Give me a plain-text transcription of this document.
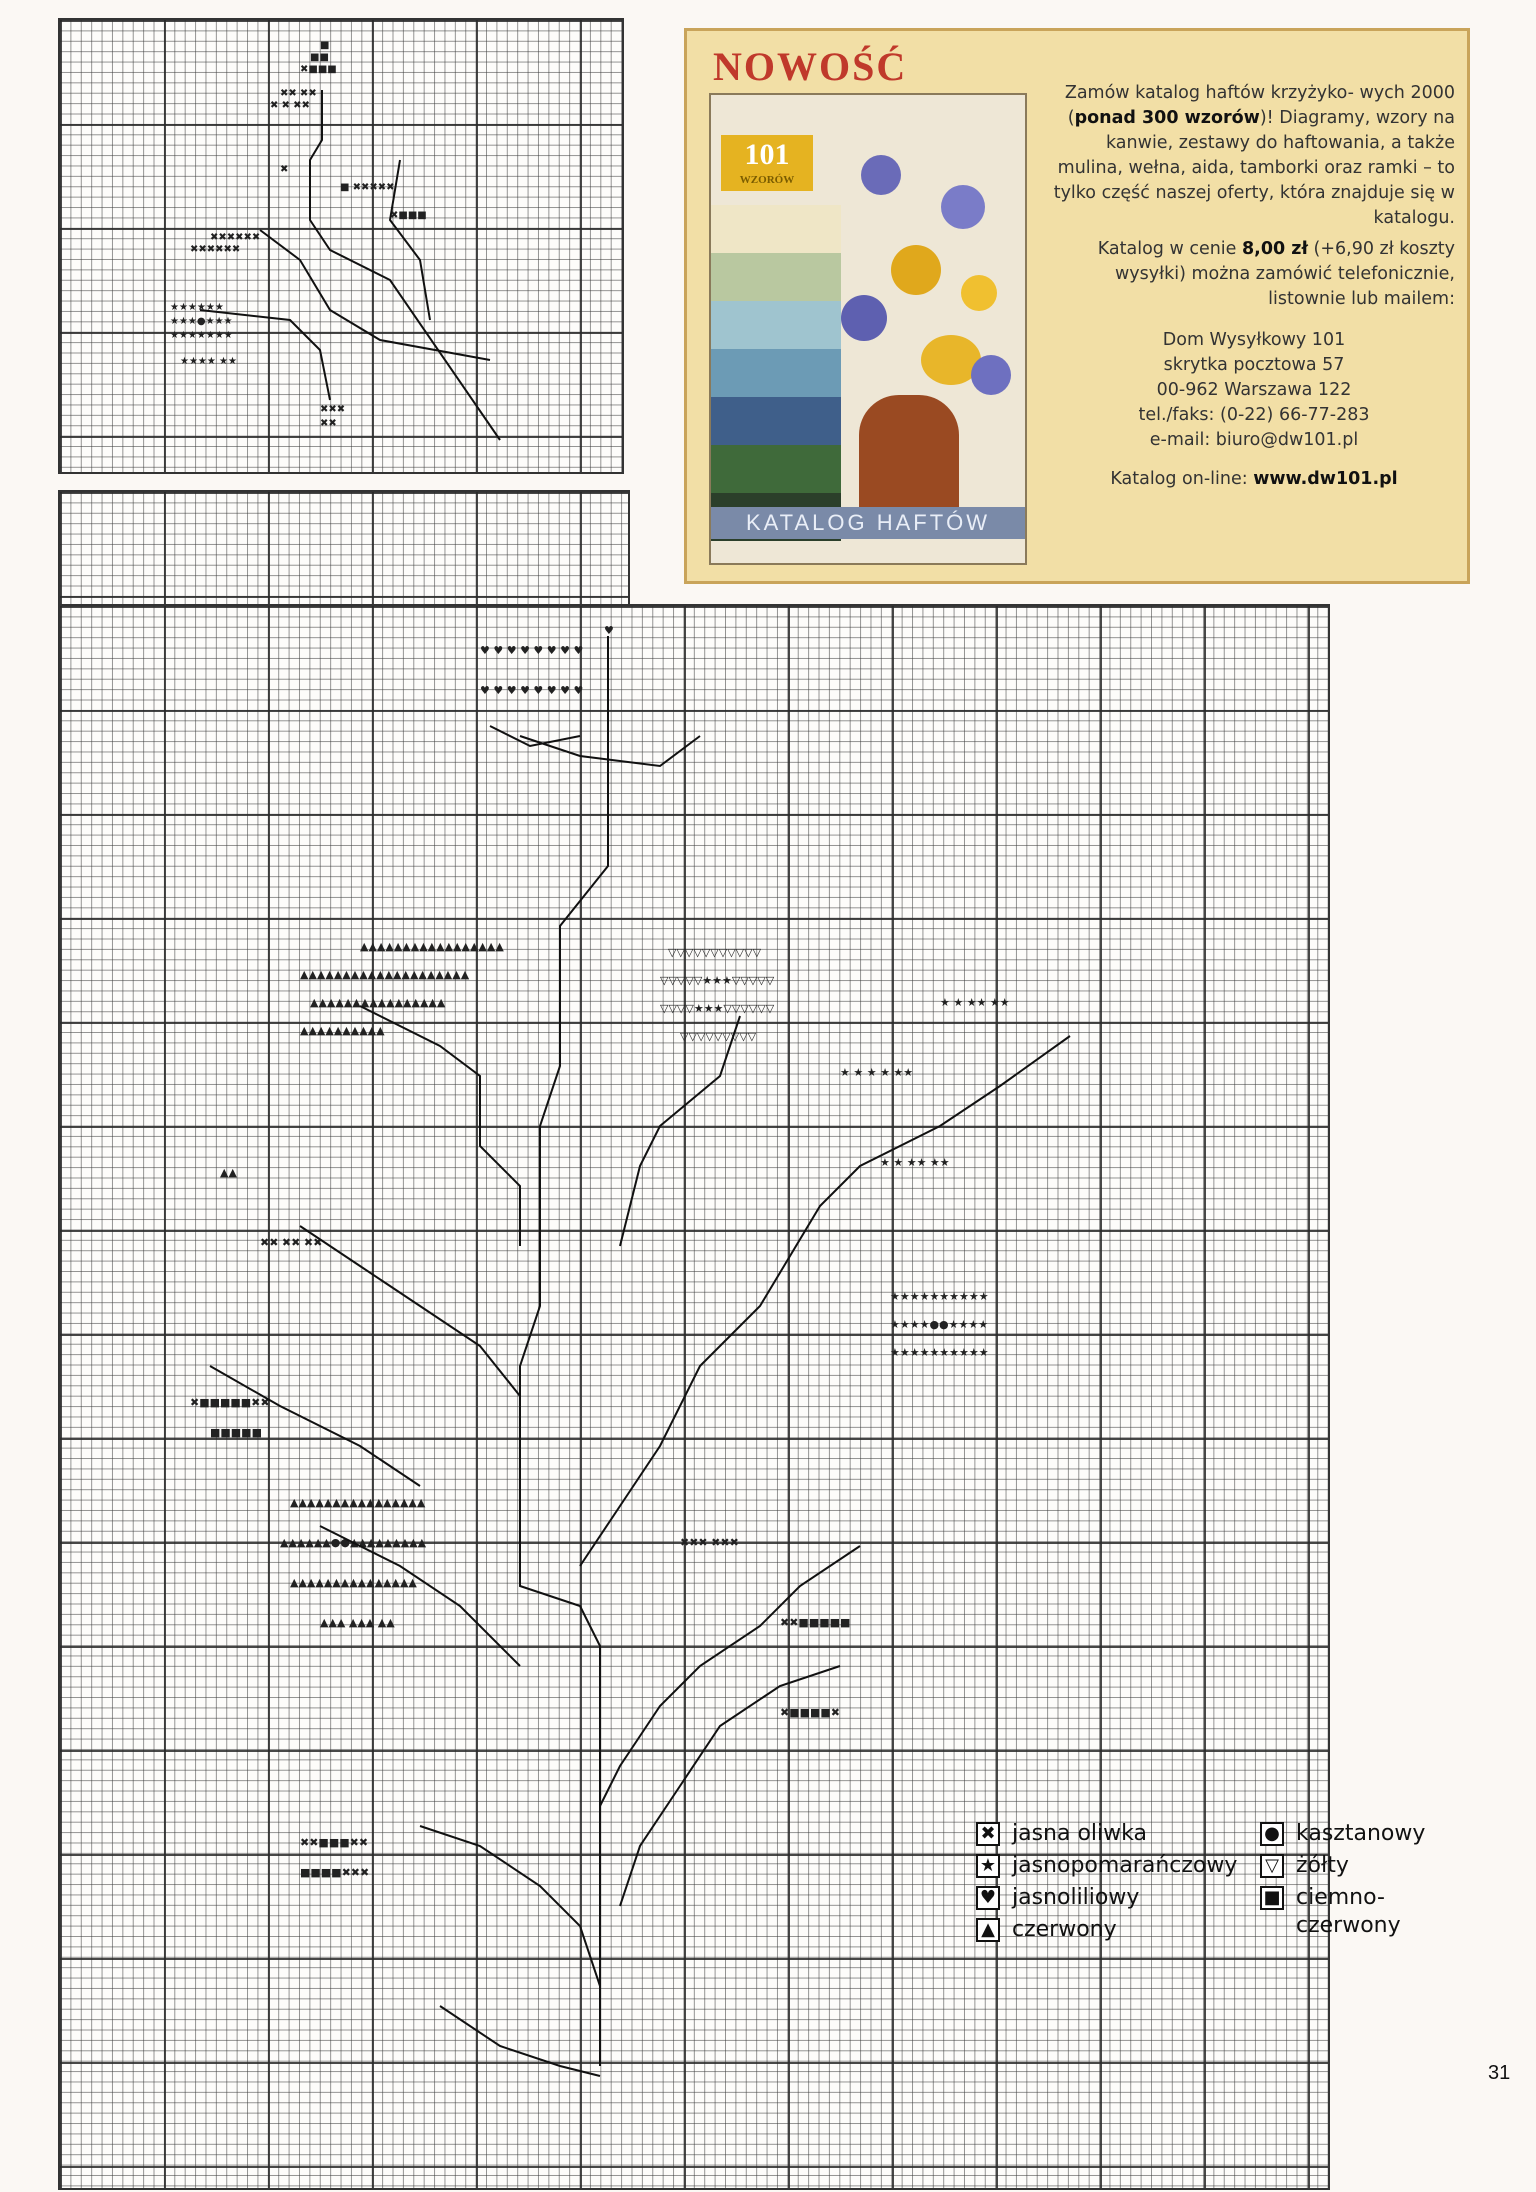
■
■■
✖■■■
✖✖ ✖✖
✖ ✖ ✖✖
✖
■ ✖✖✖✖✖
✖■■■
✖✖✖✖✖✖
✖✖✖✖✖✖
★★★★★★
★★★●★★★
★★★★★★★
★★★★ ★★
✖✖✖
✖✖
♥
♥ ♥ ♥ ♥ ♥ ♥ ♥ ♥
♥ ♥ ♥ ♥ ♥ ♥ ♥ ♥
▲▲▲▲▲▲▲▲▲▲▲▲▲▲▲▲▲
▲▲▲▲▲▲▲▲▲▲▲▲▲▲▲▲▲▲▲▲
▲▲▲▲▲▲▲▲▲▲▲▲▲▲▲▲
▲▲▲▲▲▲▲▲▲▲
▽▽▽▽▽▽▽▽▽▽▽
▽▽▽▽▽★★★▽▽▽▽▽
▽▽▽▽★★★▽▽▽▽▽▽
▽▽▽▽▽▽▽▽▽
★ ★ ★★ ★★
★ ★ ★ ★ ★★
★ ★ ★★ ★★
★★★★★★★★★★
★★★★●●★★★★
★★★★★★★★★★
▲▲
✖✖ ✖✖ ✖✖
✖■■■■■✖✖
■■■■■
▲▲▲▲▲▲▲▲▲▲▲▲▲▲▲▲
▲▲▲▲▲▲●●▲▲▲▲▲▲▲▲▲
▲▲▲▲▲▲▲▲▲▲▲▲▲▲▲
▲▲▲ ▲▲▲ ▲▲
✖✖✖ ✖✖✖
✖✖■■■■■
✖■■■■✖
✖✖■■■✖✖
■■■■✖✖✖
NOWOŚĆ
101
WZORÓW
KATALOG HAFTÓW

Zamów katalog haftów krzyżyko- wych 2000 (ponad 300 wzorów)! Diagramy, wzory na kanwie, zestawy do haftowania, a także mulina, wełna, aida, tamborki oraz ramki – to tylko część naszej oferty, która znajduje się w katalogu.

Katalog w cenie 8,00 zł (+6,90 zł koszty wysyłki) można zamówić telefonicznie, listownie lub mailem:

Dom Wysyłkowy 101
skrytka pocztowa 57
00-962 Warszawa 122
tel./faks: (0-22) 66-77-283
e-mail: biuro@dw101.pl
Katalog on-line: www.dw101.pl
✖ jasna oliwka
★ jasnopomarańczowy
♥ jasnoliliowy
▲ czerwony
● kasztanowy
▽ żółty
■ ciemno-
czerwony
31
